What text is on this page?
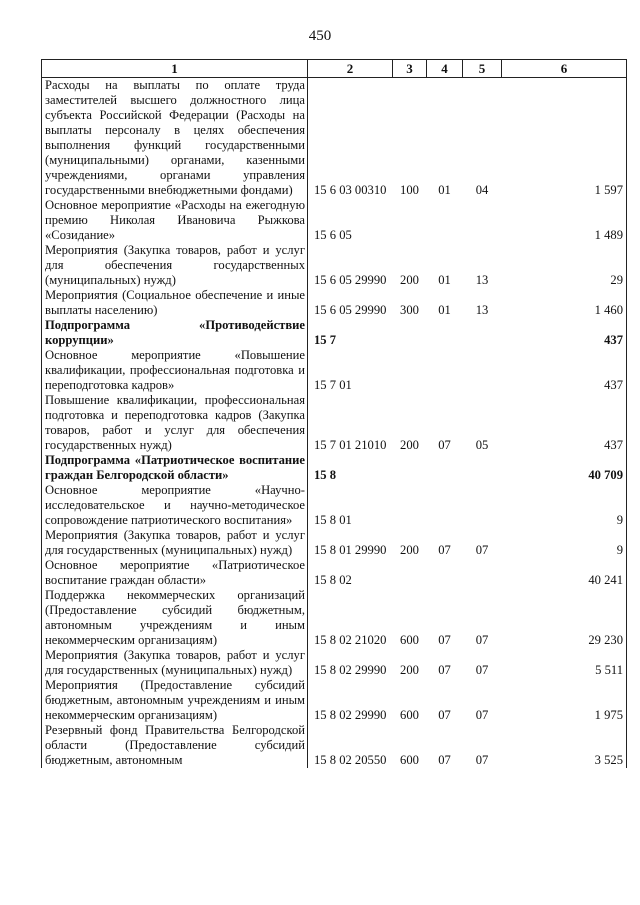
450
1	2	3	4	5	6
Расходы на выплаты по оплате труда заместителей высшего должностного лица субъекта Российской Федерации (Расходы на выплаты персоналу в целях обеспечения выполнения функций государственными (муниципальными) органами, казенными учреждениями, органами управления государственными внебюджетными фондами)	15 6 03 00310	100	01	04	1 597
Основное мероприятие «Расходы на ежегодную премию Николая Ивановича Рыжкова «Созидание»	15 6 05				1 489
Мероприятия (Закупка товаров, работ и услуг для обеспечения государственных (муниципальных) нужд)	15 6 05 29990	200	01	13	29
Мероприятия (Социальное обеспечение и иные выплаты населению)	15 6 05 29990	300	01	13	1 460
Подпрограмма «Противодействие коррупции»	15 7				437
Основное мероприятие «Повышение квалификации, профессиональная подготовка и переподготовка кадров»	15 7 01				437
Повышение квалификации, профессиональная подготовка и переподготовка кадров (Закупка товаров, работ и услуг для обеспечения государственных нужд)	15 7 01 21010	200	07	05	437
Подпрограмма «Патриотическое воспитание граждан Белгородской области»	15 8				40 709
Основное мероприятие «Научно-исследовательское и научно-методическое сопровождение патриотического воспитания»	15 8 01				9
Мероприятия (Закупка товаров, работ и услуг для государственных (муниципальных) нужд)	15 8 01 29990	200	07	07	9
Основное мероприятие «Патриотическое воспитание граждан области»	15 8 02				40 241
Поддержка некоммерческих организаций (Предоставление субсидий бюджетным, автономным учреждениям и иным некоммерческим организациям)	15 8 02 21020	600	07	07	29 230
Мероприятия (Закупка товаров, работ и услуг для государственных (муниципальных) нужд)	15 8 02 29990	200	07	07	5 511
Мероприятия (Предоставление субсидий бюджетным, автономным учреждениям и иным некоммерческим организациям)	15 8 02 29990	600	07	07	1 975
Резервный фонд Правительства Белгородской области (Предоставление субсидий бюджетным, автономным	15 8 02 20550	600	07	07	3 525
